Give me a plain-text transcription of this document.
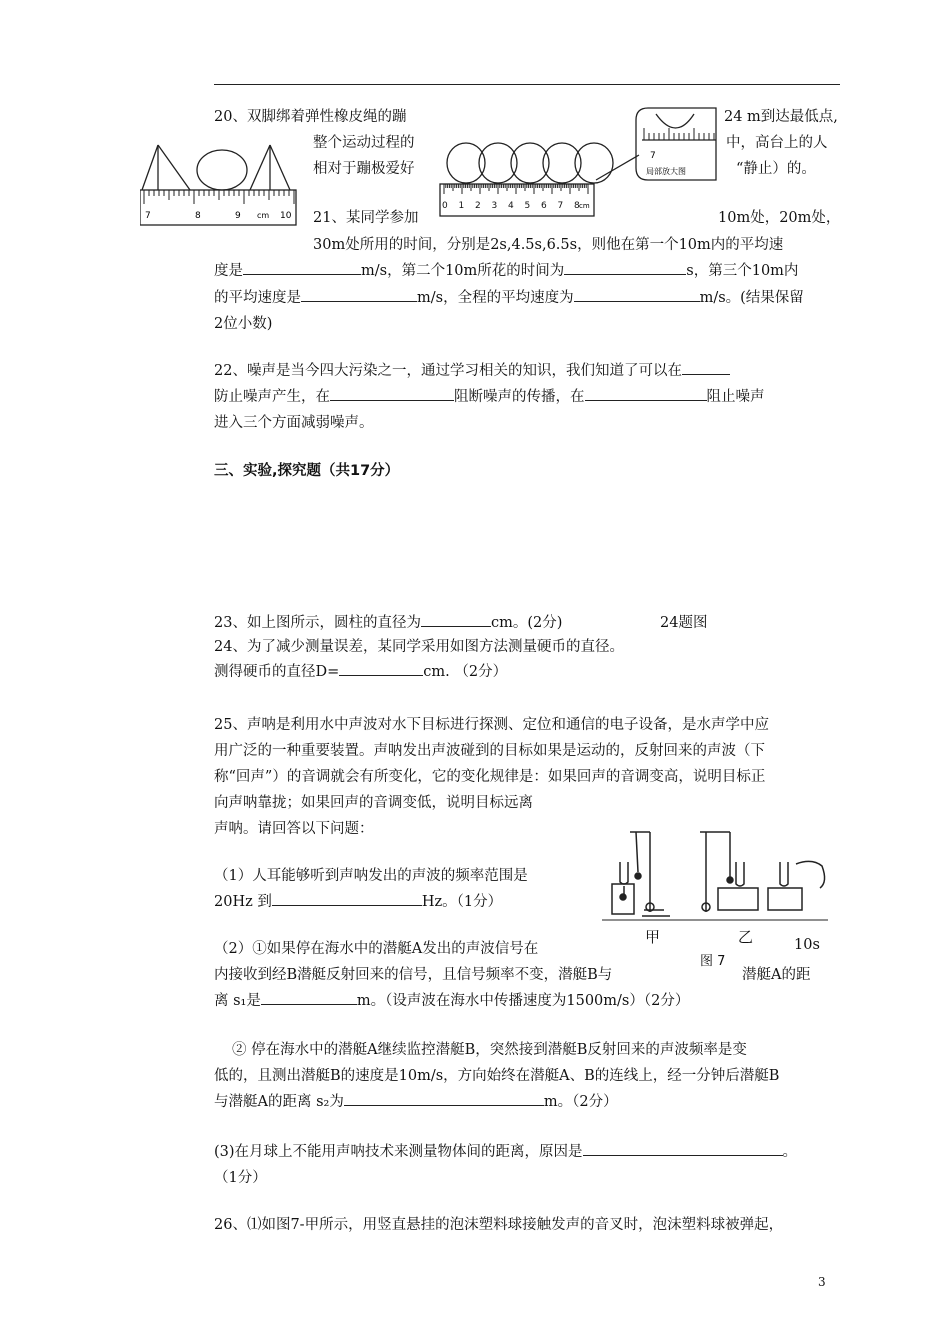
7	8	9 cm 10
0 1 2 3 4 5 6 7 8 cm
7
局部放大图
20、双脚绑着弹性橡皮绳的蹦	24 m到达最低点,
整个运动过程的	中，高台上的人
相对于蹦极爱好	“静止）的。
21、某同学参加	10m处，20m处，
30m处所用的时间，分别是2s,4.5s,6.5s，则他在第一个10m内的平均速
度是	m/s，第二个10m所花的时间为	s，第三个10m内
的平均速度是	m/s，全程的平均速度为	m/s。(结果保留
2位小数)
22、噪声是当今四大污染之一，通过学习相关的知识，我们知道了可以在
防止噪声产生，在	阻断噪声的传播，在	阻止噪声
进入三个方面减弱噪声。
三、实验,探究题（共17分）
23、如上图所示，圆柱的直径为	cm。(2分)	24题图
24、为了减少测量误差，某同学采用如图方法测量硬币的直径。
测得硬币的直径D=	cm. （2分）
25、声呐是利用水中声波对水下目标进行探测、定位和通信的电子设备，是水声学中应
用广泛的一种重要装置。声呐发出声波碰到的目标如果是运动的，反射回来的声波（下
称“回声”）的音调就会有所变化，它的变化规律是：如果回声的音调变高，说明目标正
向声呐靠拢；如果回声的音调变低，说明目标远离
声呐。请回答以下问题：
甲	乙
图 7
（1）人耳能够听到声呐发出的声波的频率范围是
20Hz 到	Hz。（1分）
（2）①如果停在海水中的潜艇A发出的声波信号在	10s
内接收到经B潜艇反射回来的信号，且信号频率不变，潜艇B与	潜艇A的距
离 s₁是	m。（设声波在海水中传播速度为1500m/s）（2分）
② 停在海水中的潜艇A继续监控潜艇B，突然接到潜艇B反射回来的声波频率是变
低的，且测出潜艇B的速度是10m/s，方向始终在潜艇A、B的连线上，经一分钟后潜艇B
与潜艇A的距离 s₂为	m。（2分）
(3)在月球上不能用声呐技术来测量物体间的距离，原因是	。
（1分）
26、⑴如图7-甲所示，用竖直悬挂的泡沫塑料球接触发声的音叉时，泡沫塑料球被弹起，
3
